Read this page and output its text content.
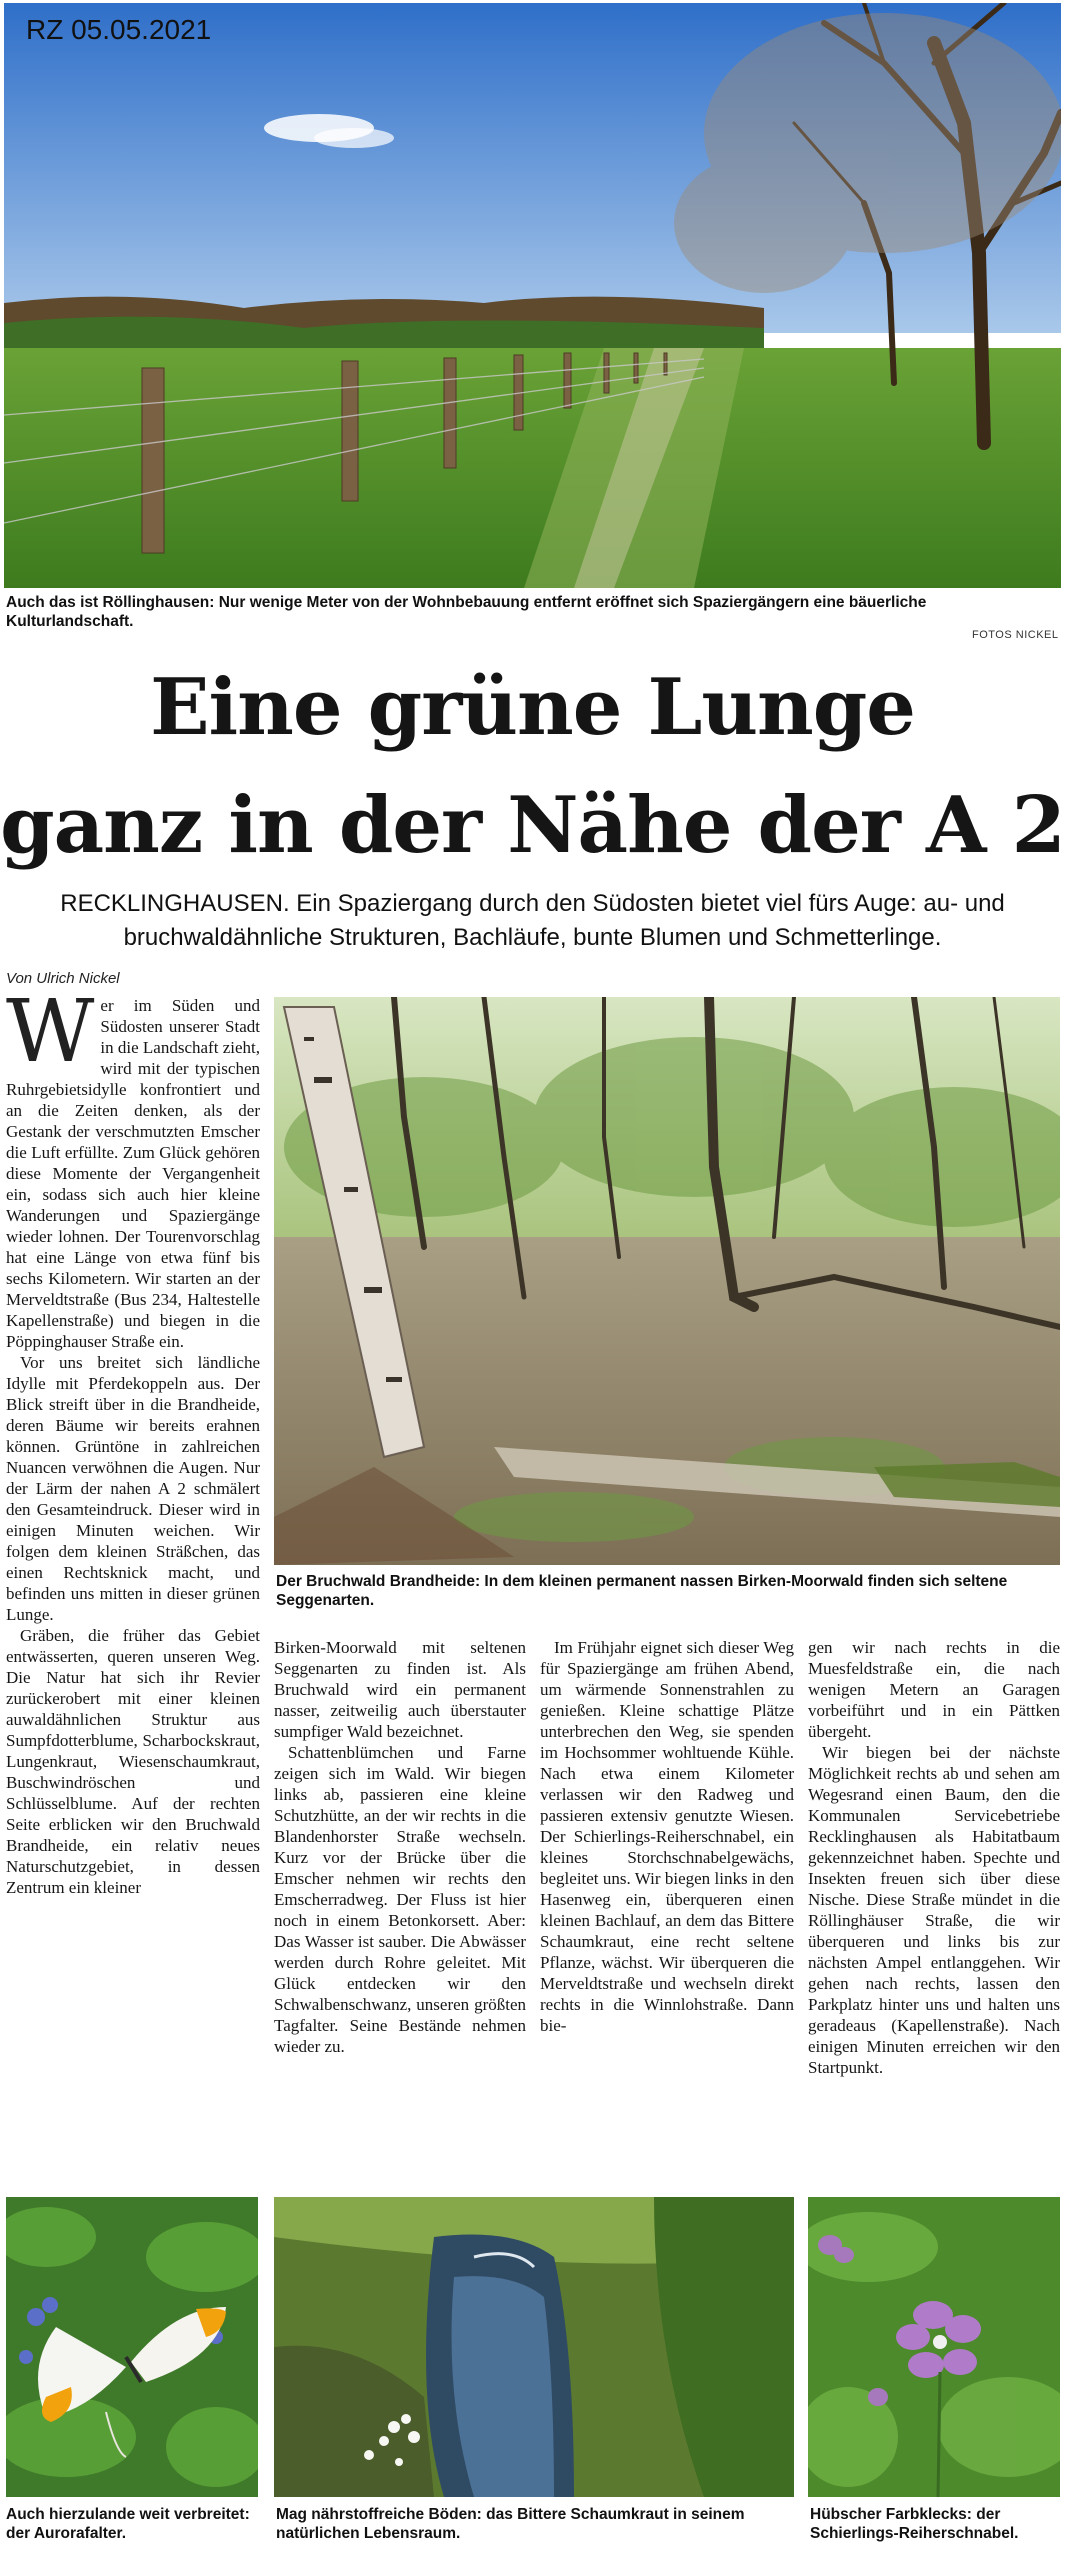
RZ 05.05.2021
Auch das ist Röllinghausen: Nur wenige Meter von der Wohnbebauung entfernt eröffnet sich Spaziergängern eine bäuerliche Kulturlandschaft.
FOTOS NICKEL
Eine grüne Lunge
ganz in der Nähe der A 2
RECKLINGHAUSEN. Ein Spaziergang durch den Südosten bietet viel fürs Auge: au- und bruchwaldähnliche Strukturen, Bachläufe, bunte Blumen und Schmetterlinge.
Von Ulrich Nickel

Wer im Süden und Südosten unserer Stadt in die Landschaft zieht, wird mit der typischen Ruhrgebietsidylle konfrontiert und an die Zeiten denken, als der Gestank der verschmutzten Emscher die Luft erfüllte. Zum Glück gehören diese Momente der Vergangenheit ein, sodass sich auch hier kleine Wanderungen und Spaziergänge wieder lohnen. Der Tourenvorschlag hat eine Länge von etwa fünf bis sechs Kilometern. Wir starten an der Merveldtstraße (Bus 234, Haltestelle Kapellenstraße) und biegen in die Pöppinghauser Straße ein.

Vor uns breitet sich ländliche Idylle mit Pferdekoppeln aus. Der Blick streift über in die Brandheide, deren Bäume wir bereits erahnen können. Grüntöne in zahlreichen Nuancen verwöhnen die Augen. Nur der Lärm der nahen A 2 schmälert den Gesamteindruck. Dieser wird in einigen Minuten weichen. Wir folgen dem kleinen Sträßchen, das einen Rechtsknick macht, und befinden uns mitten in dieser grünen Lunge.

Gräben, die früher das Gebiet entwässerten, queren unseren Weg. Die Natur hat sich ihr Revier zurückerobert mit einer kleinen auwaldähnlichen Struktur aus Sumpfdotterblume, Scharbockskraut, Lungenkraut, Wiesenschaumkraut, Buschwindröschen und Schlüsselblume. Auf der rechten Seite erblicken wir den Bruchwald Brandheide, ein relativ neues Naturschutzgebiet, in dessen Zentrum ein kleiner

Der Bruchwald Brandheide: In dem kleinen permanent nassen Birken-Moorwald finden sich seltene Seggenarten.

Birken-Moorwald mit seltenen Seggenarten zu finden ist. Als Bruchwald wird ein permanent nasser, zeitweilig auch überstauter sumpfiger Wald bezeichnet.

Schattenblümchen und Farne zeigen sich im Wald. Wir biegen links ab, passieren eine kleine Schutzhütte, an der wir rechts in die Blandenhorster Straße wechseln. Kurz vor der Brücke über die Emscher nehmen wir rechts den Emscherradweg. Der Fluss ist hier noch in einem Betonkorsett. Aber: Das Wasser ist sauber. Die Abwässer werden durch Rohre geleitet. Mit Glück entdecken wir den Schwalbenschwanz, unseren größten Tagfalter. Seine Bestände nehmen wieder zu.

Im Frühjahr eignet sich dieser Weg für Spaziergänge am frühen Abend, um wärmende Sonnenstrahlen zu genießen. Kleine schattige Plätze unterbrechen den Weg, sie spenden im Hochsommer wohltuende Kühle. Nach etwa einem Kilometer verlassen wir den Radweg und passieren extensiv genutzte Wiesen. Der Schierlings-Reiherschnabel, ein kleines Storchschnabelgewächs, begleitet uns. Wir biegen links in den Hasenweg ein, überqueren einen kleinen Bachlauf, an dem das Bittere Schaumkraut, eine recht seltene Pflanze, wächst. Wir überqueren die Merveldtstraße und wechseln direkt rechts in die Winnlohstraße. Dann bie-

gen wir nach rechts in die Muesfeldstraße ein, die nach wenigen Metern an Garagen vorbeiführt und in ein Pättken übergeht.

Wir biegen bei der nächste Möglichkeit rechts ab und sehen am Wegesrand einen Baum, den die Kommunalen Servicebetriebe Recklinghausen als Habitatbaum gekennzeichnet haben. Spechte und Insekten freuen sich über diese Nische. Diese Straße mündet in die Röllinghäuser Straße, die wir überqueren und links bis zur nächsten Ampel entlanggehen. Wir gehen nach rechts, lassen den Parkplatz hinter uns und halten uns geradeaus (Kapellenstraße). Nach einigen Minuten erreichen wir den Startpunkt.

Auch hierzulande weit verbreitet: der Aurorafalter.
Mag nährstoffreiche Böden: das Bittere Schaumkraut in seinem natürlichen Lebensraum.
Hübscher Farbklecks: der Schierlings-Reiherschnabel.
